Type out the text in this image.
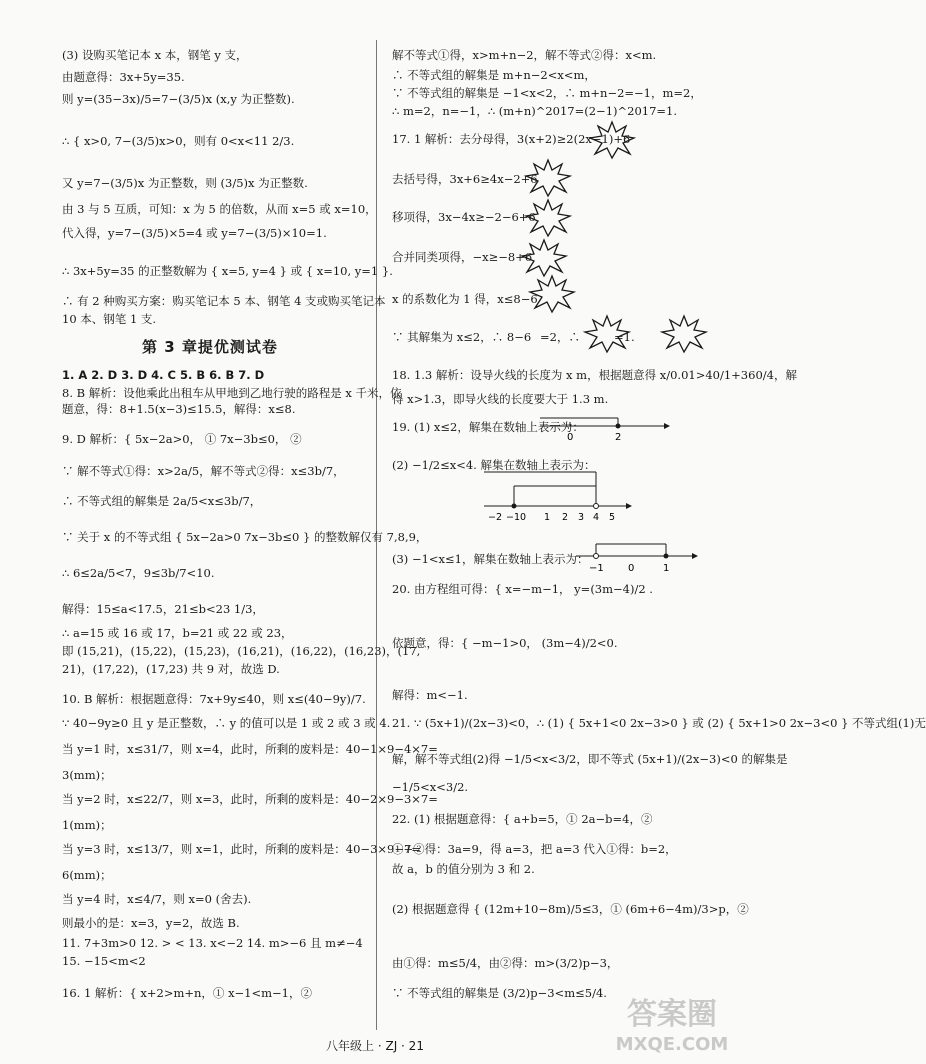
(3) 设购买笔记本 x 本，钢笔 y 支，
由题意得：3x+5y=35.
则 y=(35−3x)/5=7−(3/5)x (x,y 为正整数).
∴ { x>0, 7−(3/5)x>0，则有 0<x<11 2/3.
又 y=7−(3/5)x 为正整数，则 (3/5)x 为正整数.
由 3 与 5 互质，可知：x 为 5 的倍数，从而 x=5 或 x=10，
代入得，y=7−(3/5)×5=4 或 y=7−(3/5)×10=1.
∴ 3x+5y=35 的正整数解为 { x=5, y=4 } 或 { x=10, y=1 }.
∴ 有 2 种购买方案：购买笔记本 5 本、钢笔 4 支或购买笔记本
10 本、钢笔 1 支.
第 3 章提优测试卷
1. A 2. D 3. D 4. C 5. B 6. B 7. D
8. B 解析：设他乘此出租车从甲地到乙地行驶的路程是 x 千米，依
题意，得：8+1.5(x−3)≤15.5，解得：x≤8.
9. D 解析：{ 5x−2a>0， ① 7x−3b≤0， ②
∵ 解不等式①得：x>2a/5，解不等式②得：x≤3b/7，
∴ 不等式组的解集是 2a/5<x≤3b/7，
∵ 关于 x 的不等式组 { 5x−2a>0 7x−3b≤0 } 的整数解仅有 7,8,9，
∴ 6≤2a/5<7，9≤3b/7<10.
解得：15≤a<17.5，21≤b<23 1/3，
∴ a=15 或 16 或 17，b=21 或 22 或 23，
即 (15,21)，(15,22)，(15,23)，(16,21)，(16,22)，(16,23)，(17,
21)，(17,22)，(17,23) 共 9 对，故选 D.
10. B 解析：根据题意得：7x+9y≤40，则 x≤(40−9y)/7.
∵ 40−9y≥0 且 y 是正整数，∴ y 的值可以是 1 或 2 或 3 或 4.
当 y=1 时，x≤31/7，则 x=4，此时，所剩的废料是：40−1×9−4×7=
3(mm)；
当 y=2 时，x≤22/7，则 x=3，此时，所剩的废料是：40−2×9−3×7=
1(mm)；
当 y=3 时，x≤13/7，则 x=1，此时，所剩的废料是：40−3×9−7=
6(mm)；
当 y=4 时，x≤4/7，则 x=0 (舍去).
则最小的是：x=3，y=2，故选 B.
11. 7+3m>0 12. > < 13. x<−2 14. m>−6 且 m≠−4
15. −15<m<2
16. 1 解析：{ x+2>m+n，① x−1<m−1，②
解不等式①得，x>m+n−2，解不等式②得：x<m.
∴ 不等式组的解集是 m+n−2<x<m，
∵ 不等式组的解集是 −1<x<2，∴ m+n−2=−1，m=2，
∴ m=2，n=−1，∴ (m+n)^2017=(2−1)^2017=1.
17. 1 解析：去分母得，3(x+2)≥2(2x−1)+6
去括号得，3x+6≥4x−2+6
移项得，3x−4x≥−2−6+6
合并同类项得，−x≥−8+6
x 的系数化为 1 得，x≤8−6
∵ 其解集为 x≤2，∴ 8−6 =2，∴	=1.
18. 1.3 解析：设导火线的长度为 x m，根据题意得 x/0.01>40/1+360/4，解
得 x>1.3，即导火线的长度要大于 1.3 m.
19. (1) x≤2，解集在数轴上表示为：
(2) −1/2≤x<4. 解集在数轴上表示为：
(3) −1<x≤1，解集在数轴上表示为：
20. 由方程组可得：{ x=−m−1， y=(3m−4)/2 .
依题意，得：{ −m−1>0， (3m−4)/2<0.
解得：m<−1.
21. ∵ (5x+1)/(2x−3)<0，∴ (1) { 5x+1<0 2x−3>0 } 或 (2) { 5x+1>0 2x−3<0 } 不等式组(1)无
解，解不等式组(2)得 −1/5<x<3/2，即不等式 (5x+1)/(2x−3)<0 的解集是
−1/5<x<3/2.
22. (1) 根据题意得：{ a+b=5，① 2a−b=4，②
①+②得：3a=9，得 a=3，把 a=3 代入①得：b=2，
故 a，b 的值分别为 3 和 2.
(2) 根据题意得 { (12m+10−8m)/5≤3，① (6m+6−4m)/3>p，②
由①得：m≤5/4，由②得：m>(3/2)p−3，
∵ 不等式组的解集是 (3/2)p−3<m≤5/4.
0	2
−2 −1 0 1 2 3 4 5
−1 0	1
八年级上 · ZJ · 21
答案圈
MXQE.COM
